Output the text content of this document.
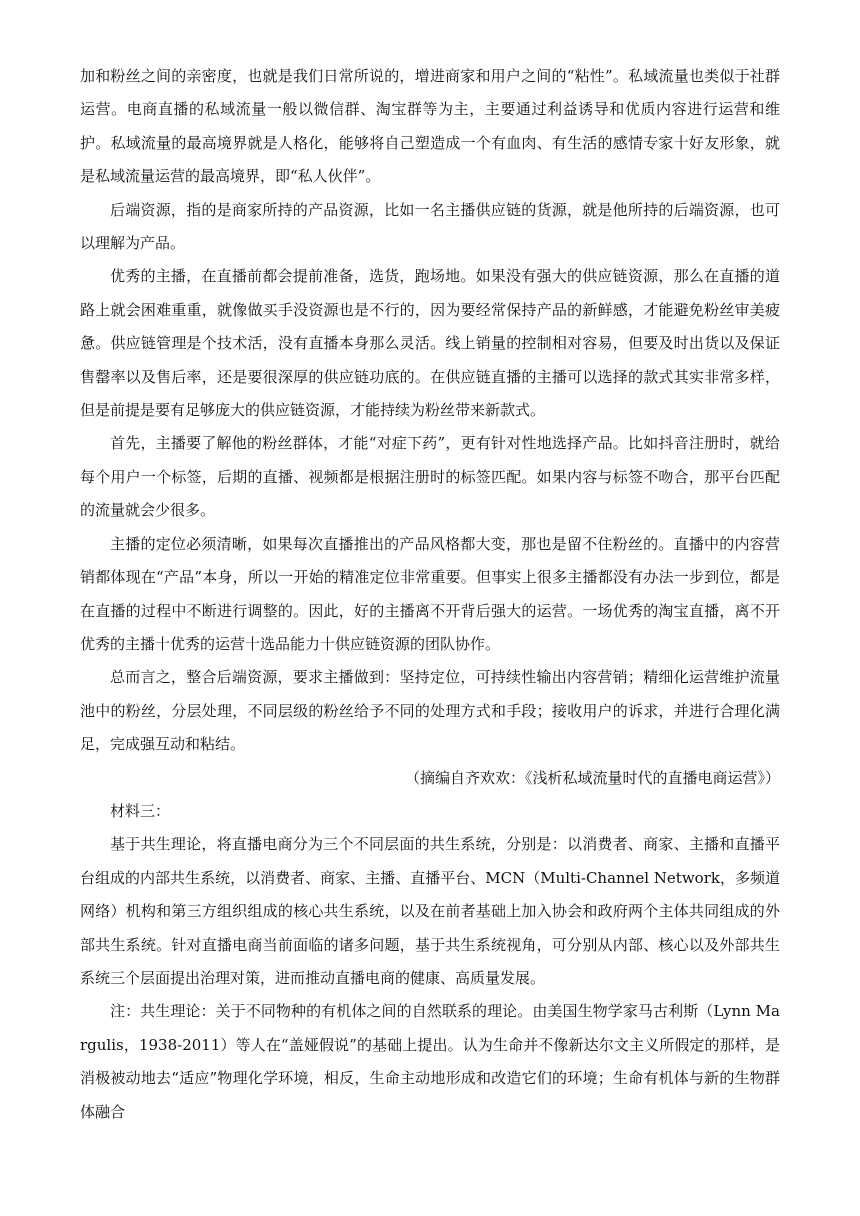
加和粉丝之间的亲密度，也就是我们日常所说的，增进商家和用户之间的“粘性”。私域流量也类似于社群运营。电商直播的私域流量一般以微信群、淘宝群等为主，主要通过利益诱导和优质内容进行运营和维护。私域流量的最高境界就是人格化，能够将自己塑造成一个有血肉、有生活的感情专家十好友形象，就是私域流量运营的最高境界，即“私人伙伴”。

后端资源，指的是商家所持的产品资源，比如一名主播供应链的货源，就是他所持的后端资源，也可以理解为产品。

优秀的主播，在直播前都会提前准备，选货，跑场地。如果没有强大的供应链资源，那么在直播的道路上就会困难重重，就像做买手没资源也是不行的，因为要经常保持产品的新鲜感，才能避免粉丝审美疲惫。供应链管理是个技术活，没有直播本身那么灵活。线上销量的控制相对容易，但要及时出货以及保证售罄率以及售后率，还是要很深厚的供应链功底的。在供应链直播的主播可以选择的款式其实非常多样，但是前提是要有足够庞大的供应链资源，才能持续为粉丝带来新款式。

首先，主播要了解他的粉丝群体，才能“对症下药”，更有针对性地选择产品。比如抖音注册时，就给每个用户一个标签，后期的直播、视频都是根据注册时的标签匹配。如果内容与标签不吻合，那平台匹配的流量就会少很多。

主播的定位必须清晰，如果每次直播推出的产品风格都大变，那也是留不住粉丝的。直播中的内容营销都体现在“产品”本身，所以一开始的精准定位非常重要。但事实上很多主播都没有办法一步到位，都是在直播的过程中不断进行调整的。因此，好的主播离不开背后强大的运营。一场优秀的淘宝直播，离不开优秀的主播十优秀的运营十选品能力十供应链资源的团队协作。

总而言之，整合后端资源，要求主播做到：坚持定位，可持续性输出内容营销；精细化运营维护流量池中的粉丝，分层处理，不同层级的粉丝给予不同的处理方式和手段；接收用户的诉求，并进行合理化满足，完成强互动和粘结。

（摘编自齐欢欢：《浅析私域流量时代的直播电商运营》）

材料三：

基于共生理论，将直播电商分为三个不同层面的共生系统，分别是：以消费者、商家、主播和直播平台组成的内部共生系统，以消费者、商家、主播、直播平台、MCN（Multi-Channel Network，多频道网络）机构和第三方组织组成的核心共生系统，以及在前者基础上加入协会和政府两个主体共同组成的外部共生系统。针对直播电商当前面临的诸多问题，基于共生系统视角，可分别从内部、核心以及外部共生系统三个层面提出治理对策，进而推动直播电商的健康、高质量发展。

注：共生理论：关于不同物种的有机体之间的自然联系的理论。由美国生物学家马古利斯（Lynn Margulis，1938-2011）等人在“盖娅假说”的基础上提出。认为生命并不像新达尔文主义所假定的那样，是消极被动地去“适应”物理化学环境，相反，生命主动地形成和改造它们的环境；生命有机体与新的生物群体融合
